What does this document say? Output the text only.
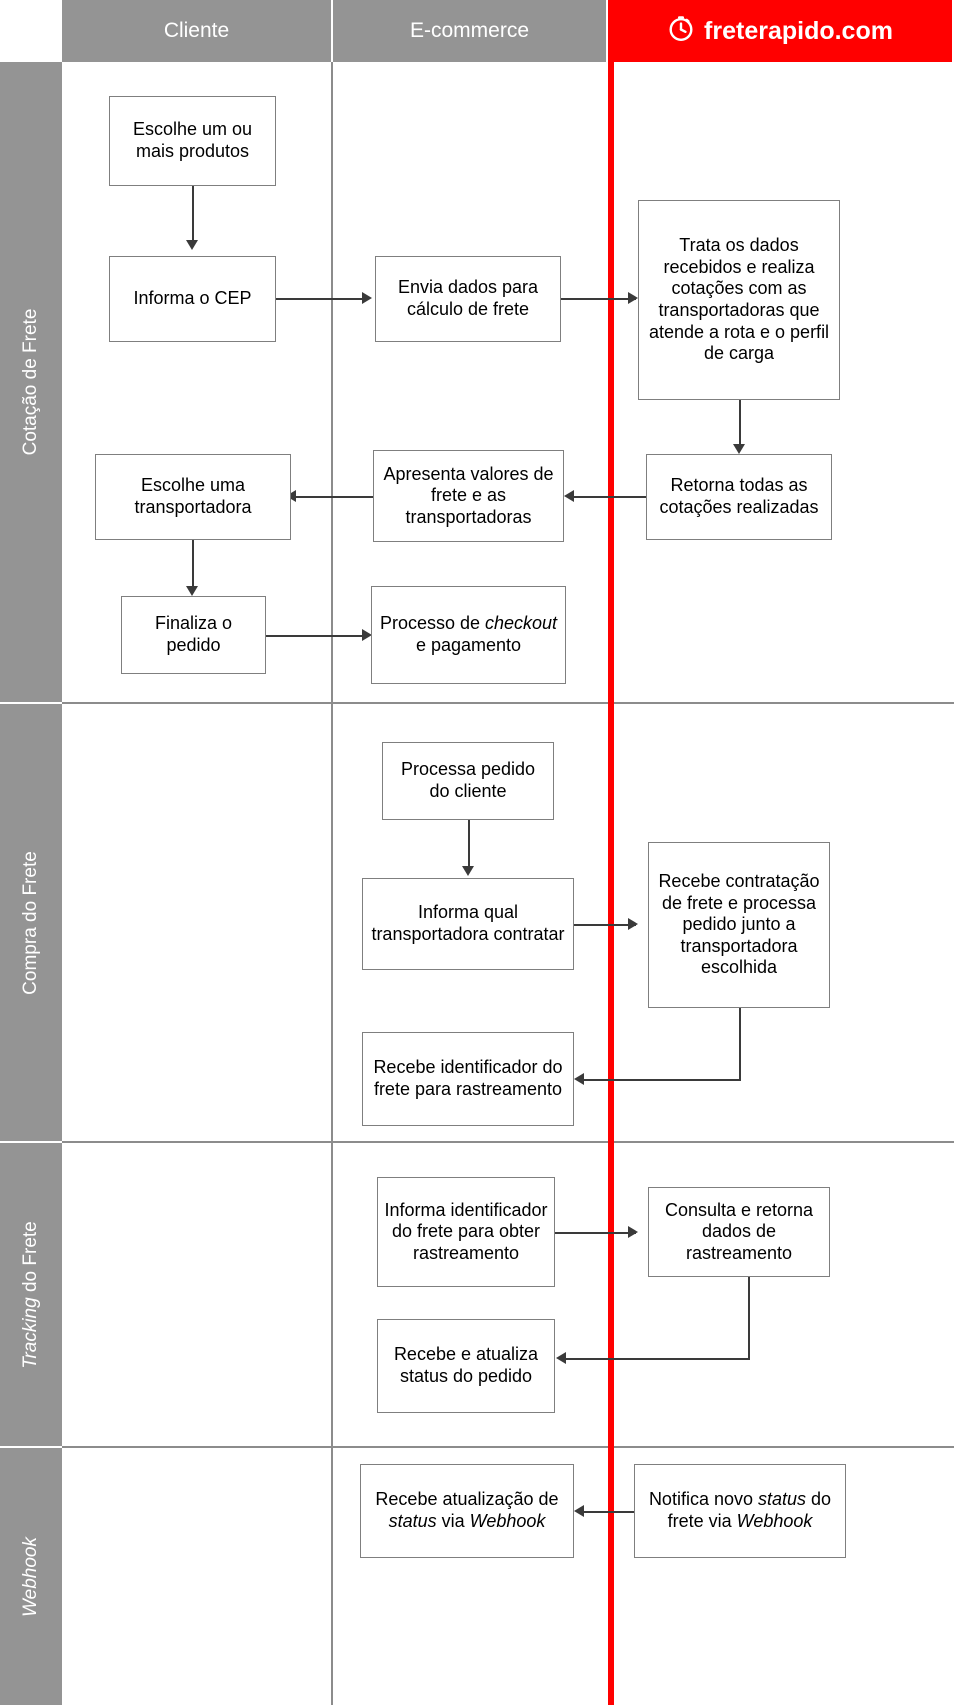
Cliente	E-commerce	freterapido.com
Cotação de Frete
Compra do Frete
Tracking do Frete
Webhook
Escolhe um ou mais produtos
Informa o CEP
Envia dados para cálculo de frete
Trata os dados recebidos e realiza cotações com as transportadoras que atende a rota e o perfil de carga
Retorna todas as cotações realizadas
Apresenta valores de frete e as transportadoras
Escolhe uma transportadora
Finaliza o pedido
Processo de checkout e pagamento
Processa pedido do cliente
Informa qual transportadora contratar
Recebe contratação de frete e processa pedido junto a transportadora escolhida
Recebe identificador do frete para rastreamento
Informa identificador do frete para obter rastreamento
Consulta e retorna dados de rastreamento
Recebe e atualiza status do pedido
Recebe atualização de status via Webhook
Notifica novo status do frete via Webhook
